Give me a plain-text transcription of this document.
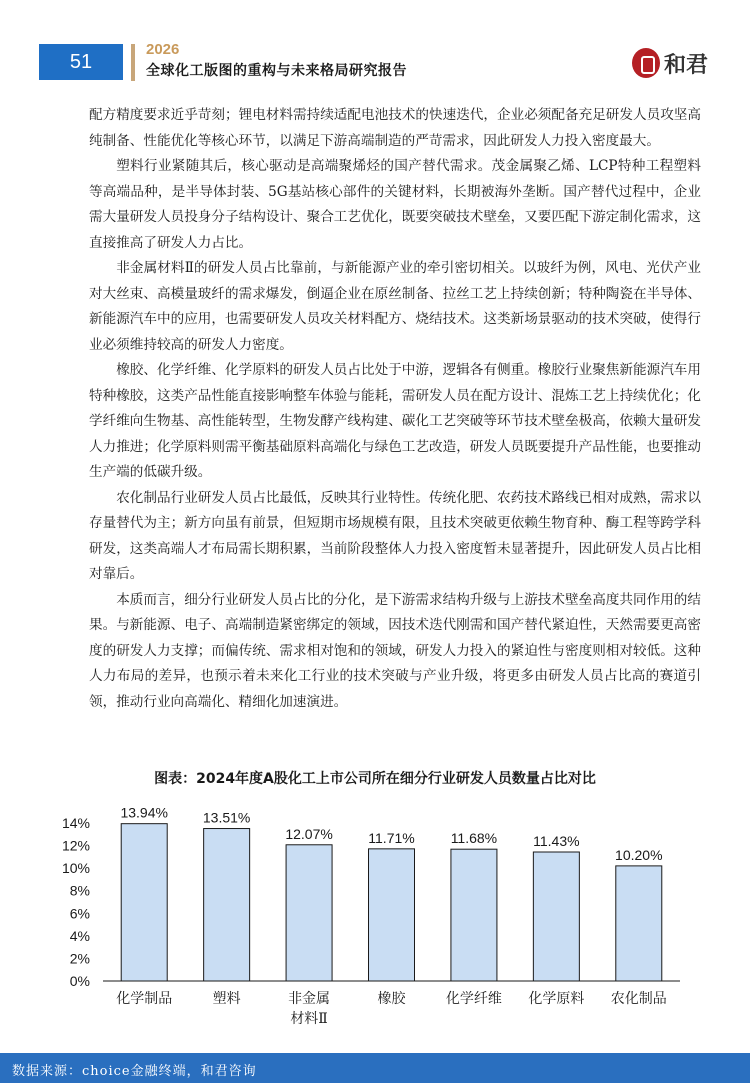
51
2026
全球化工版图的重构与未来格局研究报告	和君

配方精度要求近乎苛刻；锂电材料需持续适配电池技术的快速迭代，企业必须配备充足研发人员攻坚高纯制备、性能优化等核心环节，以满足下游高端制造的严苛需求，因此研发人力投入密度最大。

塑料行业紧随其后，核心驱动是高端聚烯烃的国产替代需求。茂金属聚乙烯、LCP特种工程塑料等高端品种，是半导体封装、5G基站核心部件的关键材料，长期被海外垄断。国产替代过程中，企业需大量研发人员投身分子结构设计、聚合工艺优化，既要突破技术壁垒，又要匹配下游定制化需求，这直接推高了研发人力占比。

非金属材料Ⅱ的研发人员占比靠前，与新能源产业的牵引密切相关。以玻纤为例，风电、光伏产业对大丝束、高模量玻纤的需求爆发，倒逼企业在原丝制备、拉丝工艺上持续创新；特种陶瓷在半导体、新能源汽车中的应用，也需要研发人员攻关材料配方、烧结技术。这类新场景驱动的技术突破，使得行业必须维持较高的研发人力密度。

橡胶、化学纤维、化学原料的研发人员占比处于中游，逻辑各有侧重。橡胶行业聚焦新能源汽车用特种橡胶，这类产品性能直接影响整车体验与能耗，需研发人员在配方设计、混炼工艺上持续优化；化学纤维向生物基、高性能转型，生物发酵产线构建、碳化工艺突破等环节技术壁垒极高，依赖大量研发人力推进；化学原料则需平衡基础原料高端化与绿色工艺改造，研发人员既要提升产品性能，也要推动生产端的低碳升级。

农化制品行业研发人员占比最低，反映其行业特性。传统化肥、农药技术路线已相对成熟，需求以存量替代为主；新方向虽有前景，但短期市场规模有限，且技术突破更依赖生物育种、酶工程等跨学科研发，这类高端人才布局需长期积累，当前阶段整体人力投入密度暂未显著提升，因此研发人员占比相对靠后。

本质而言，细分行业研发人员占比的分化，是下游需求结构升级与上游技术壁垒高度共同作用的结果。与新能源、电子、高端制造紧密绑定的领域，因技术迭代刚需和国产替代紧迫性，天然需要更高密度的研发人力支撑；而偏传统、需求相对饱和的领域，研发人力投入的紧迫性与密度则相对较低。这种人力布局的差异，也预示着未来化工行业的技术突破与产业升级，将更多由研发人员占比高的赛道引领，推动行业向高端化、精细化加速演进。

图表：2024年度A股化工上市公司所在细分行业研发人员数量占比对比
0%
2%
4%
6%
8%
10%
12%
14%
13.94%
化学制品
13.51%
塑料
12.07%
非金属
材料Ⅱ
11.71%
橡胶
11.68%
化学纤维
11.43%
化学原料
10.20%
农化制品
数据来源：choice金融终端，和君咨询
